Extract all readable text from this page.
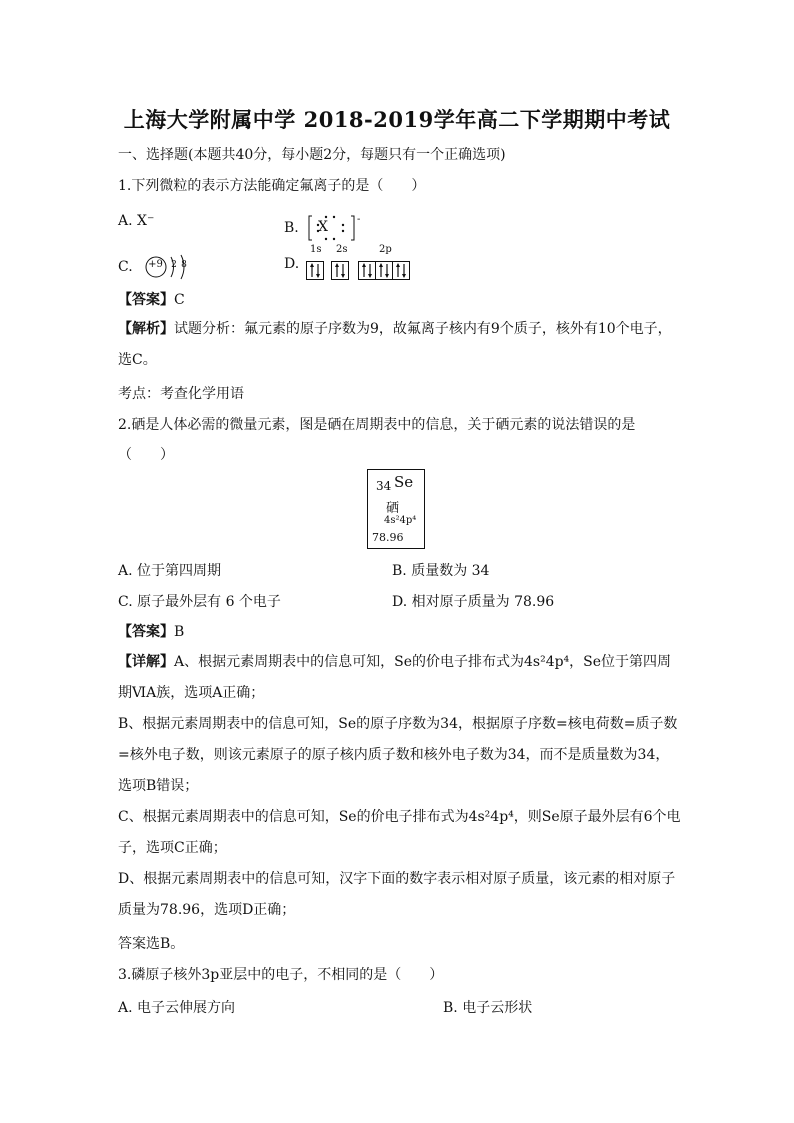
上海大学附属中学 2018-2019学年高二下学期期中考试
一、选择题(本题共40分，每小题2分，每题只有一个正确选项)
1.下列微粒的表示方法能确定氟离子的是（　　）
A. X⁻	B.
-
X
C. +9 2 8	D.
1s 2s	2p
【答案】C
【解析】试题分析：氟元素的原子序数为9，故氟离子核内有9个质子，核外有10个电子，选C。
考点：考查化学用语
2.硒是人体必需的微量元素，图是硒在周期表中的信息，关于硒元素的说法错误的是
（　　）
34 Se
硒
4s²4p⁴
78.96
A. 位于第四周期	B. 质量数为 34
C. 原子最外层有 6 个电子	D. 相对原子质量为 78.96
【答案】B
【详解】A、根据元素周期表中的信息可知，Se的价电子排布式为4s²4p⁴，Se位于第四周期ⅥA族，选项A正确；
B、根据元素周期表中的信息可知，Se的原子序数为34，根据原子序数=核电荷数=质子数=核外电子数，则该元素原子的原子核内质子数和核外电子数为34，而不是质量数为34，选项B错误；
C、根据元素周期表中的信息可知，Se的价电子排布式为4s²4p⁴，则Se原子最外层有6个电子，选项C正确；
D、根据元素周期表中的信息可知，汉字下面的数字表示相对原子质量，该元素的相对原子质量为78.96，选项D正确；
答案选B。
3.磷原子核外3p亚层中的电子，不相同的是（　　）
A. 电子云伸展方向	B. 电子云形状
